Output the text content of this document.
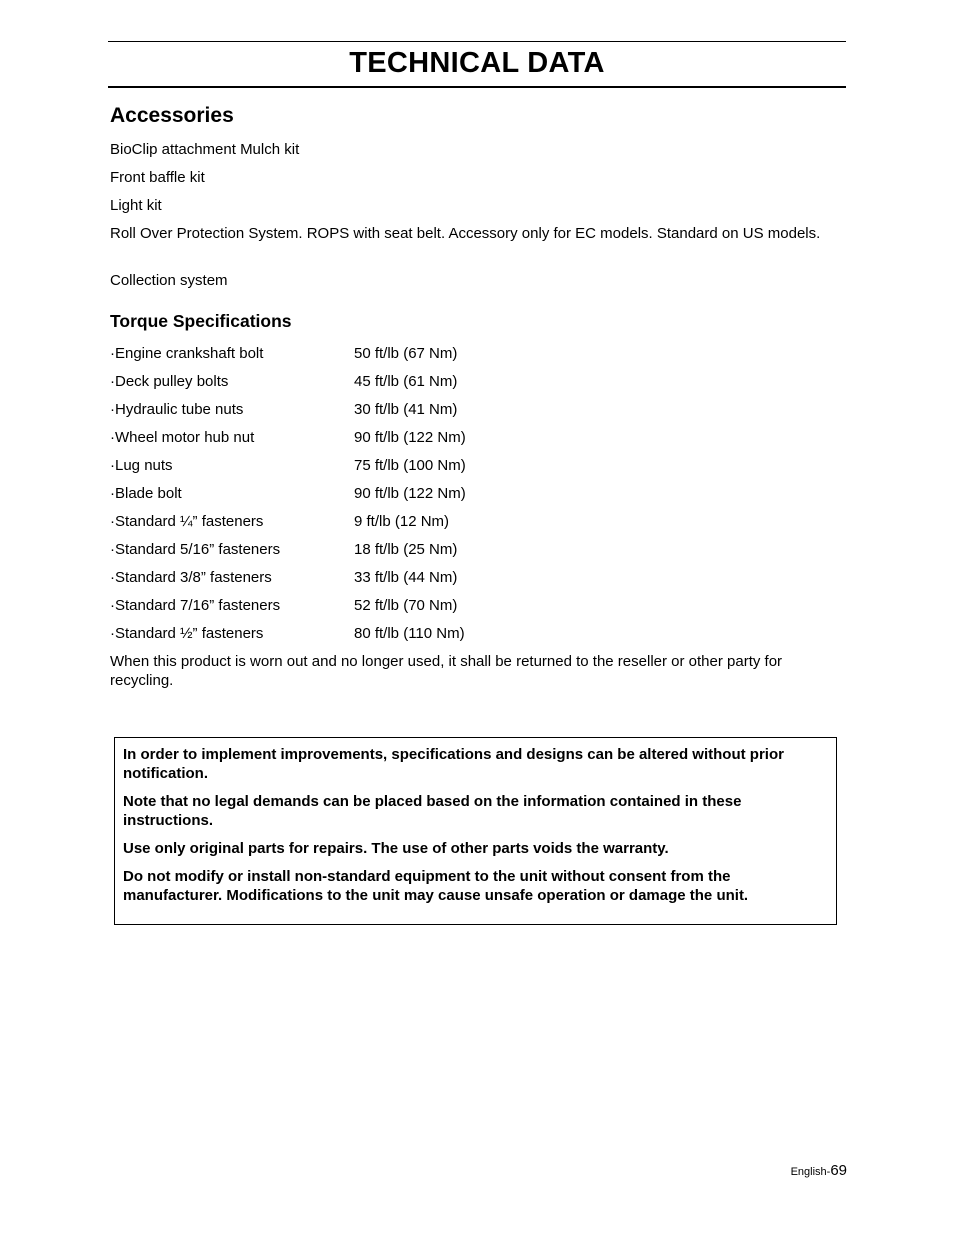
TECHNICAL DATA
Accessories

BioClip attachment Mulch kit

Front baffle kit

Light kit

Roll Over Protection System. ROPS with seat belt. Accessory only for EC models. Standard on US models.

Collection system

Torque Specifications
·Engine crankshaft bolt	50 ft/lb (67 Nm)
·Deck pulley bolts	45 ft/lb (61 Nm)
·Hydraulic tube nuts	30 ft/lb (41 Nm)
·Wheel motor hub nut	90 ft/lb (122 Nm)
·Lug nuts	75 ft/lb (100 Nm)
·Blade bolt	90 ft/lb (122 Nm)
·Standard ¼” fasteners	9 ft/lb (12 Nm)
·Standard 5/16” fasteners	18 ft/lb (25 Nm)
·Standard 3/8” fasteners	33 ft/lb (44 Nm)
·Standard 7/16” fasteners	52 ft/lb (70 Nm)
·Standard ½” fasteners	80 ft/lb (110 Nm)

When this product is worn out and no longer used, it shall be returned to the reseller or other party for recycling.

In order to implement improvements, specifications and designs can be altered without prior notification.

Note that no legal demands can be placed based on the information contained in these instructions.

Use only original parts for repairs. The use of other parts voids the warranty.

Do not modify or install non-standard equipment to the unit without consent from the manufacturer. Modifications to the unit may cause unsafe operation or damage the unit.

English-69
